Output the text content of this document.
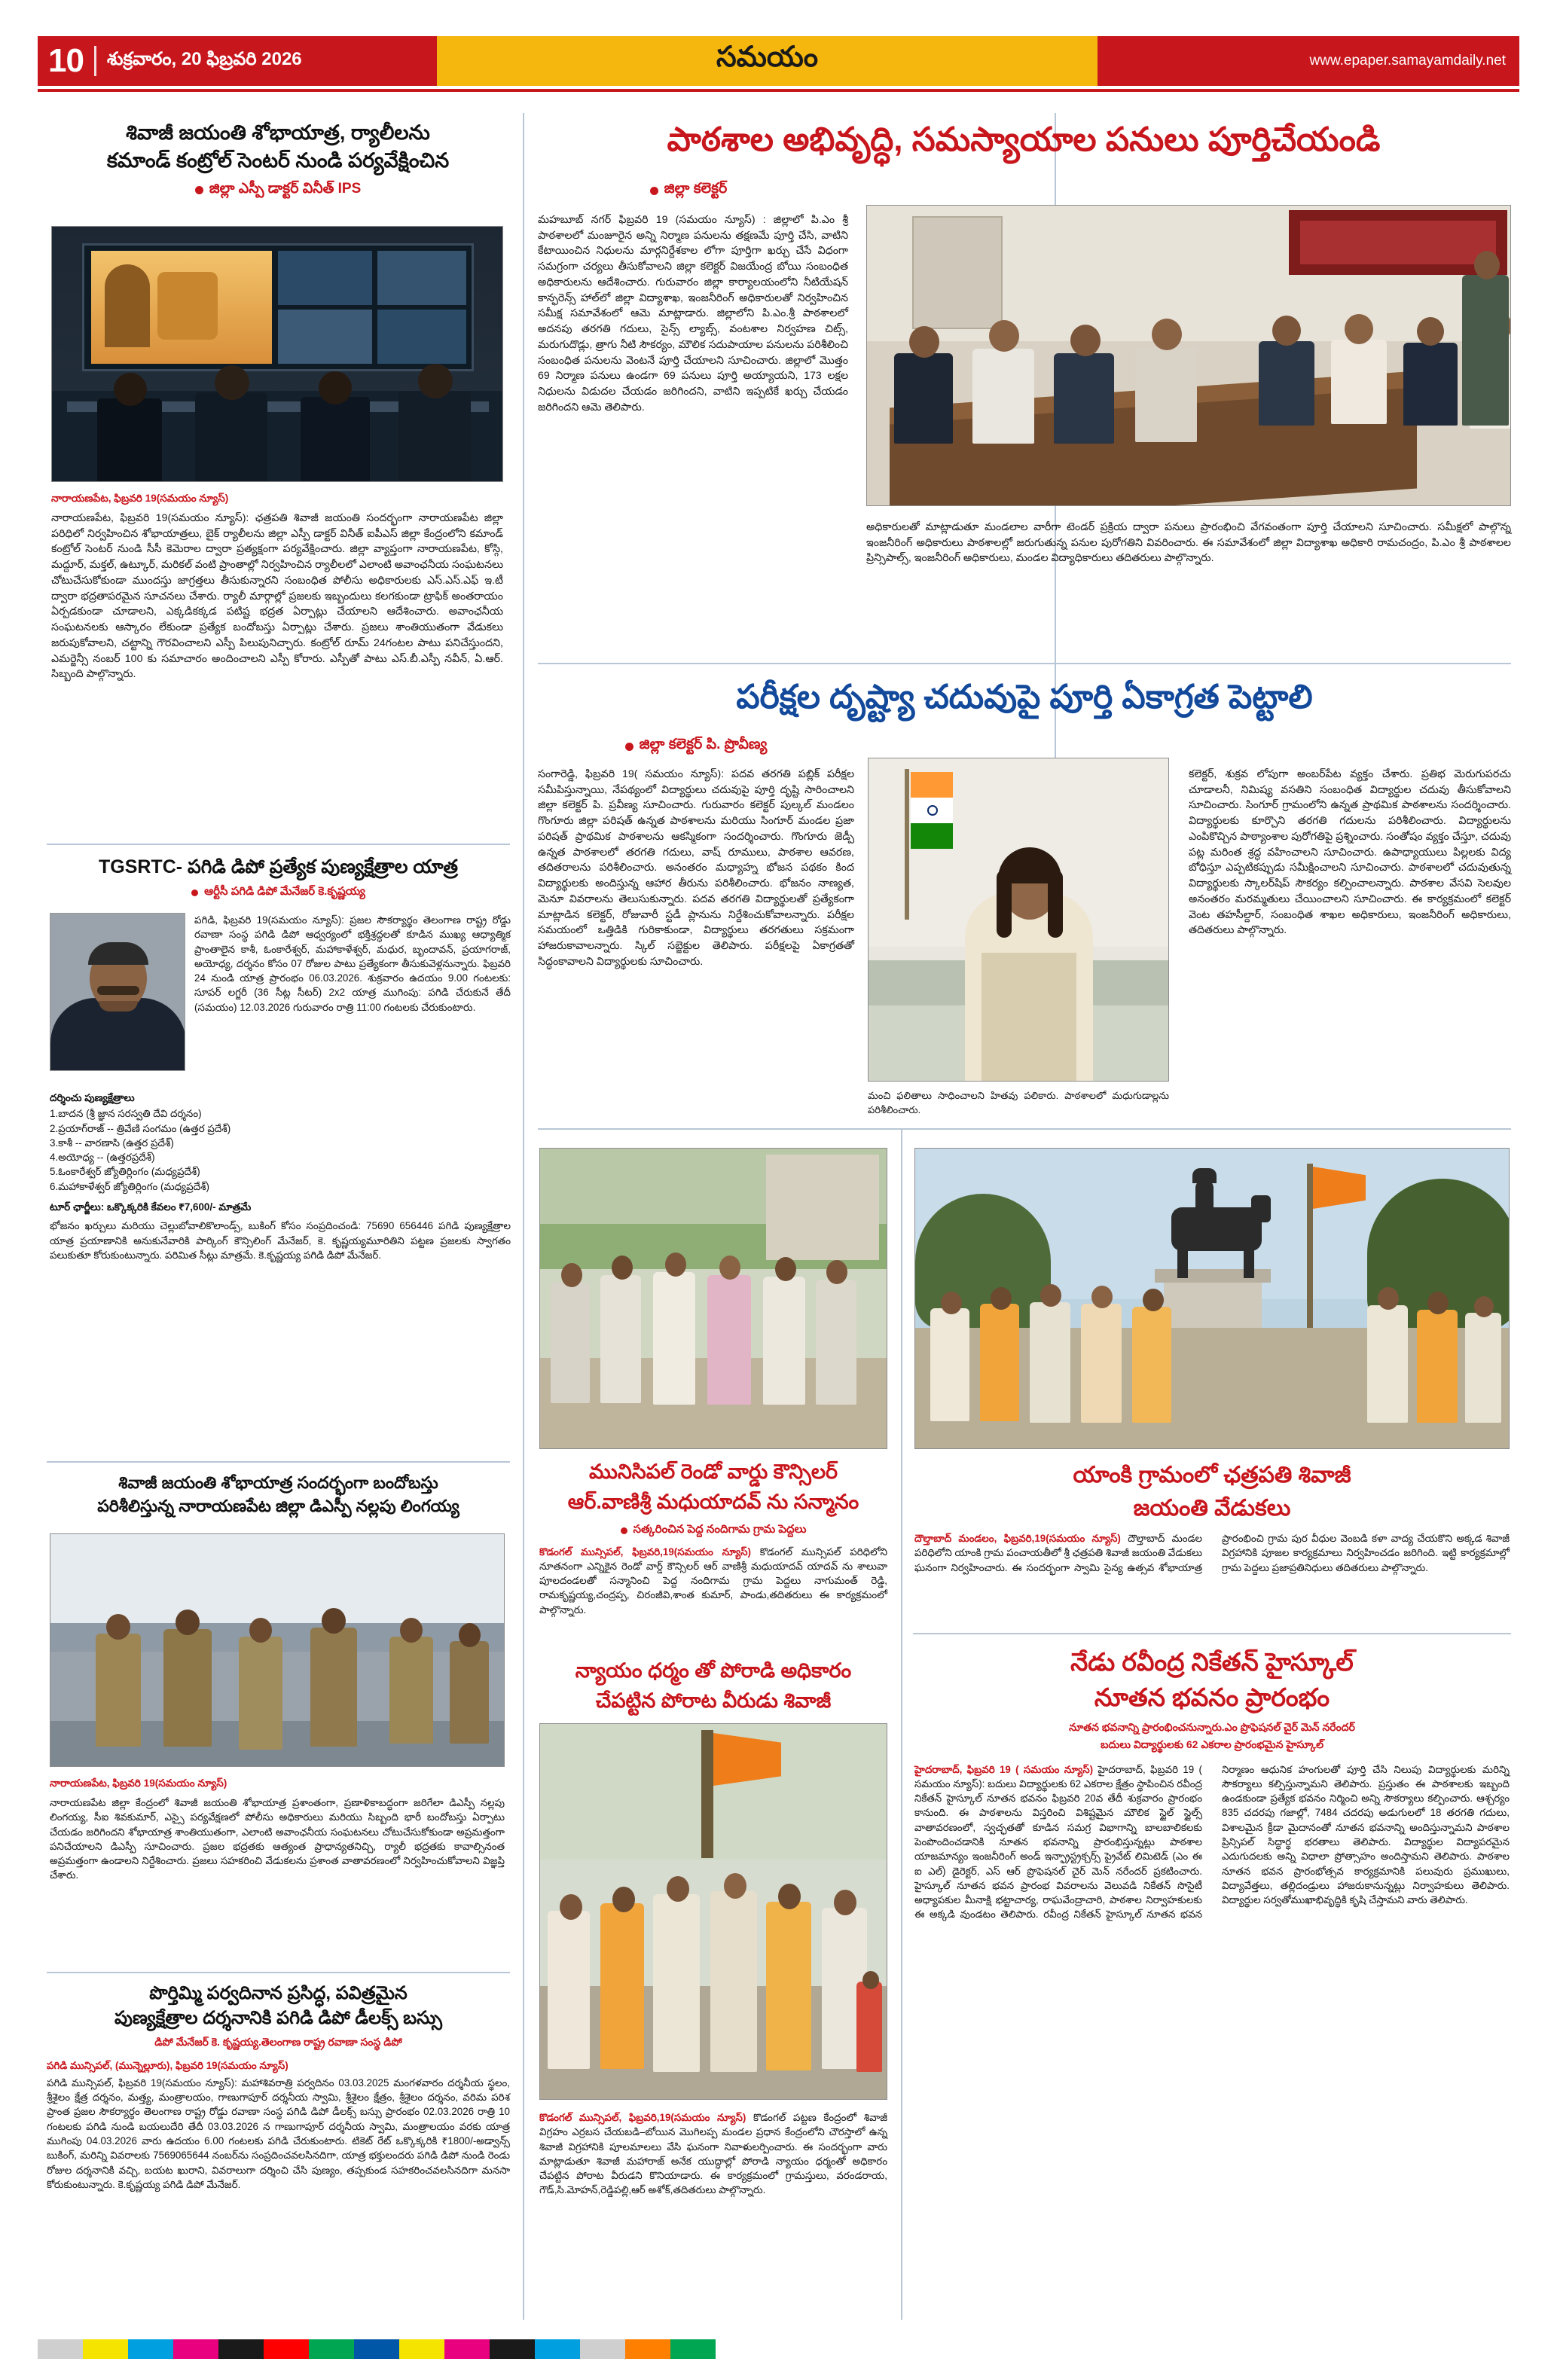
10 శుక్రవారం, 20 ఫిబ్రవరి 2026	సమయం	www.epaper.samayamdaily.net
శివాజీ జయంతి శోభాయాత్ర, ర్యాలీలను
కమాండ్ కంట్రోల్ సెంటర్ నుండి పర్యవేక్షించిన
జిల్లా ఎస్పీ డాక్టర్ వినీత్ IPS
నారాయణపేట, ఫిబ్రవరి 19(సమయం న్యూస్)
నారాయణపేట, ఫిబ్రవరి 19(సమయం న్యూస్): ఛత్రపతి శివాజీ జయంతి సందర్భంగా నారాయణపేట జిల్లా పరిధిలో నిర్వహించిన శోభాయాత్రలు, బైక్ ర్యాలీలను జిల్లా ఎస్పీ డాక్టర్ వినీత్ ఐపీఎస్ జిల్లా కేంద్రంలోని కమాండ్ కంట్రోల్ సెంటర్ నుండి సీసీ కెమెరాల ద్వారా ప్రత్యక్షంగా పర్యవేక్షించారు. జిల్లా వ్యాప్తంగా నారాయణపేట, కోస్గి, మద్దూర్, మక్తల్, ఉట్కూర్, మరికల్ వంటి ప్రాంతాల్లో నిర్వహించిన ర్యాలీలలో ఎలాంటి అవాంఛనీయ సంఘటనలు చోటుచేసుకోకుండా ముందస్తు జాగ్రత్తలు తీసుకున్నారని సంబంధిత పోలీసు అధికారులకు ఎస్.ఎస్.ఎఫ్ ఇ.టీ ద్వారా భద్రతాపరమైన సూచనలు చేశారు. ర్యాలీ మార్గాల్లో ప్రజలకు ఇబ్బందులు కలగకుండా ట్రాఫిక్ అంతరాయం ఏర్పడకుండా చూడాలని, ఎక్కడికక్కడ పటిష్ట భద్రత ఏర్పాట్లు చేయాలని ఆదేశించారు. అవాంఛనీయ సంఘటనలకు ఆస్కారం లేకుండా ప్రత్యేక బందోబస్తు ఏర్పాట్లు చేశారు. ప్రజలు శాంతియుతంగా వేడుకలు జరుపుకోవాలని, చట్టాన్ని గౌరవించాలని ఎస్పీ పిలుపునిచ్చారు. కంట్రోల్ రూమ్ 24గంటల పాటు పనిచేస్తుందని, ఎమర్జెన్సీ నంబర్ 100 కు సమాచారం అందించాలని ఎస్పీ కోరారు. ఎస్పీతో పాటు ఎస్.బీ.ఎస్పీ నవీన్, ఏ.ఆర్. సిబ్బంది పాల్గొన్నారు.
TGSRTC- పగిడి డిపో ప్రత్యేక పుణ్యక్షేత్రాల యాత్ర
ఆర్టీసీ పగిడి డిపో మేనేజర్ కె.కృష్ణయ్య
పగిడి, ఫిబ్రవరి 19(సమయం న్యూస్): ప్రజల సౌకర్యార్థం తెలంగాణ రాష్ట్ర రోడ్డు రవాణా సంస్థ పగిడి డిపో ఆధ్వర్యంలో భక్తిశ్రద్ధలతో కూడిన ముఖ్య ఆధ్యాత్మిక ప్రాంతాలైన కాశీ, ఓంకారేశ్వర్, మహాకాళేశ్వర్, మధుర, బృందావన్, ప్రయాగరాజ్, అయోధ్య, దర్శనం కోసం 07 రోజుల పాటు ప్రత్యేకంగా తీసుకువెళ్లనున్నారు. ఫిబ్రవరి 24 నుండి యాత్ర ప్రారంభం 06.03.2026. శుక్రవారం ఉదయం 9.00 గంటలకు: సూపర్ లగ్జరీ (36 సీట్ల సీటర్) 2x2 యాత్ర ముగింపు: పగిడి చేరుకునే తేదీ (సమయం) 12.03.2026 గురువారం రాత్రి 11:00 గంటలకు చేరుకుంటారు.
దర్శించు పుణ్యక్షేత్రాలు
1.బాదన (శ్రీ జ్ఞాన సరస్వతి దేవి దర్శనం)
2.ప్రయాగ్‌రాజ్ -- త్రివేణి సంగమం (ఉత్తర ప్రదేశ్)
3.కాశీ -- వారణాసి (ఉత్తర ప్రదేశ్)
4.అయోధ్య -- (ఉత్తరప్రదేశ్)
5.ఓంకారేశ్వర్ జ్యోతిర్లింగం (మధ్యప్రదేశ్)
6.మహాకాళేశ్వర్ జ్యోతిర్లింగం (మధ్యప్రదేశ్)
టూర్ ఛార్జీలు: ఒక్కొక్కరికి కేవలం ₹7,600/- మాత్రమే
భోజనం ఖర్చులు మరియు చెల్లుబోవాలికొలాండ్స్, బుకింగ్ కోసం సంప్రదించండి: 75690 656446 పగిడి పుణ్యక్షేత్రాల యాత్ర ప్రయాణానికి అనుకునేవారికి పార్కింగ్ కౌన్సిలింగ్ మేనేజర్, కె. కృష్ణయ్యమూరితిని పట్టణ ప్రజలకు స్వాగతం పలుకుతూ కోరుకుంటున్నారు. పరిమిత సీట్లు మాత్రమే. కె.కృష్ణయ్య పగిడి డిపో మేనేజర్.
శివాజీ జయంతి శోభాయాత్ర సందర్భంగా బందోబస్తు
పరిశీలిస్తున్న నారాయణపేట జిల్లా డిఎస్పీ నల్లపు లింగయ్య
నారాయణపేట, ఫిబ్రవరి 19(సమయం న్యూస్)
నారాయణపేట జిల్లా కేంద్రంలో శివాజీ జయంతి శోభాయాత్ర ప్రశాంతంగా, ప్రణాళికాబద్ధంగా జరిగేలా డిఎస్పీ నల్లపు లింగయ్య, సీఐ శివకుమార్, ఎస్సై పర్యవేక్షణలో పోలీసు అధికారులు మరియు సిబ్బంది భారీ బందోబస్తు ఏర్పాటు చేయడం జరిగిందని శోభాయాత్ర శాంతియుతంగా, ఎలాంటి అవాంఛనీయ సంఘటనలు చోటుచేసుకోకుండా అప్రమత్తంగా పనిచేయాలని డిఎస్పీ సూచించారు. ప్రజల భద్రతకు ఆత్యంత ప్రాధాన్యతనిచ్చి, ర్యాలీ భద్రతకు కావాల్సినంత అప్రమత్తంగా ఉండాలని నిర్దేశించారు. ప్రజలు సహకరించి వేడుకలను ప్రశాంత వాతావరణంలో నిర్వహించుకోవాలని విజ్ఞప్తి చేశారు.
పొర్తిమ్మి పర్వదినాన ప్రసిద్ధ, పవిత్రమైన
పుణ్యక్షేత్రాల దర్శనానికి పగిడి డిపో డీలక్స్ బస్సు
డిపో మేనేజర్ కె. కృష్ణయ్య.తెలంగాణ రాష్ట్ర రవాణా సంస్థ డిపో
పగిడి మున్సిపల్, (మున్నెల్లూరు), ఫిబ్రవరి 19(సమయం న్యూస్)
పగిడి మున్సిపల్, ఫిబ్రవరి 19(సమయం న్యూస్): మహాశివరాత్రి పర్వదినం 03.03.2025 మంగళవారం దర్శనీయ స్థలం, శ్రీశైలం క్షేత్ర దర్శనం, మత్త్య, మంత్రాలయం, గాణుగాపూర్ దర్శనీయ స్వామి, శ్రీశైలం క్షేత్రం, శ్రీశైలం దర్శనం, వరిమ పరిశ ప్రాంత ప్రజల సౌకర్యార్థం తెలంగాణ రాష్ట్ర రోడ్డు రవాణా సంస్థ పగిడి డిపో డీలక్స్ బస్సు ప్రారంభం 02.03.2026 రాత్రి 10 గంటలకు పగిడి నుండి బయలుదేరి తేదీ 03.03.2026 న గాణుగాపూర్ దర్శనీయ స్వామి, మంత్రాలయం వరకు యాత్ర ముగింపు 04.03.2026 వారు ఉదయం 6.00 గంటలకు పగిడి చేరుకుంటారు. టికెట్ రేట్ ఒక్కొక్కరికి ₹1800/-అడ్వాన్స్ బుకింగ్, మరిన్ని వివరాలకు 7569065644 నంబర్‌ను సంప్రదించవలసినదిగా, యాత్ర భక్తులందరు పగిడి డిపో నుండి రెండు రోజుల దర్శనానికి వచ్చి, బయట ఖురాని, వివరాలుగా దర్శించి చేసి పుణ్యం, తప్పకుండ సహకరించవలసినదిగా మనసా కోరుకుంటున్నారు. కె.కృష్ణయ్య పగిడి డిపో మేనేజర్.
పాఠశాల అభివృద్ధి, సమస్యాయాల పనులు పూర్తిచేయండి
జిల్లా కలెక్టర్
మహబూబ్ నగర్ ఫిబ్రవరి 19 (సమయం న్యూస్) : జిల్లాలో పి.ఎం శ్రీ పాఠశాలలో మంజూరైన అన్ని నిర్మాణ పనులను తక్షణమే పూర్తి చేసి, వాటిని కేటాయించిన నిధులను మార్గనిర్దేశకాల లోగా పూర్తిగా ఖర్చు చేసే విధంగా సమగ్రంగా చర్యలు తీసుకోవాలని జిల్లా కలెక్టర్ విజయేంద్ర బోయి సంబంధిత అధికారులను ఆదేశించారు. గురువారం జిల్లా కార్యాలయంలోని నీటియేషన్ కాన్ఫరెన్స్ హాల్‌లో జిల్లా విద్యాశాఖ, ఇంజనీరింగ్ అధికారులతో నిర్వహించిన సమీక్ష సమావేశంలో ఆమె మాట్లాడారు. జిల్లాలోని పి.ఎం.శ్రీ పాఠశాలలో అదనపు తరగతి గదులు, సైన్స్ ల్యాబ్స్, వంటశాల నిర్వహణ చిట్స్, మరుగుదొడ్లు, త్రాగు నీటి సౌకర్యం, మౌలిక సదుపాయాల పనులను పరిశీలించి సంబంధిత పనులను వెంటనే పూర్తి చేయాలని సూచించారు. జిల్లాలో మొత్తం 69 నిర్మాణ పనులు ఉండగా 69 పనులు పూర్తి అయ్యాయని, 173 లక్షల నిధులను విడుదల చేయడం జరిగిందని, వాటిని ఇప్పటికే ఖర్చు చేయడం జరిగిందని ఆమె తెలిపారు.
అధికారులతో మాట్లాడుతూ మండలాల వారీగా టెండర్ ప్రక్రియ ద్వారా పనులు ప్రారంభించి వేగవంతంగా పూర్తి చేయాలని సూచించారు. సమీక్షలో పాల్గొన్న ఇంజనీరింగ్ అధికారులు పాఠశాలల్లో జరుగుతున్న పనుల పురోగతిని వివరించారు. ఈ సమావేశంలో జిల్లా విద్యాశాఖ అధికారి రామచంద్రం, పి.ఎం శ్రీ పాఠశాలల ప్రిన్సిపాల్స్, ఇంజనీరింగ్ అధికారులు, మండల విద్యాధికారులు తదితరులు పాల్గొన్నారు.
పరీక్షల దృష్ట్యా చదువుపై పూర్తి ఏకాగ్రత పెట్టాలి
జిల్లా కలెక్టర్ పి. ప్రొవీణ్య
సంగారెడ్డి, ఫిబ్రవరి 19( సమయం న్యూస్): పదవ తరగతి పబ్లిక్ పరీక్షల సమీపిస్తున్నాయి, నేపథ్యంలో విద్యార్థులు చదువుపై పూర్తి దృష్టి సారించాలని జిల్లా కలెక్టర్ పి. ప్రవీణ్య సూచించారు. గురువారం కలెక్టర్ పుల్కల్ మండలం గొంగూరు జిల్లా పరిషత్ ఉన్నత పాఠశాలను మరియు సింగూర్ మండల ప్రజా పరిషత్ ప్రాథమిక పాఠశాలను ఆకస్మికంగా సందర్శించారు. గొంగూరు జెడ్పీ ఉన్నత పాఠశాలలో తరగతి గదులు, వాష్ రూములు, పాఠశాల ఆవరణ, తదితరాలను పరిశీలించారు. అనంతరం మధ్యాహ్న భోజన పథకం కింద విద్యార్థులకు అందిస్తున్న ఆహార తీరును పరిశీలించారు. భోజనం నాణ్యత, మెనూ వివరాలను తెలుసుకున్నారు. పదవ తరగతి విద్యార్థులతో ప్రత్యేకంగా మాట్లాడిన కలెక్టర్, రోజువారీ స్టడీ ప్లానును నిర్దేశించుకోవాలన్నారు. పరీక్షల సమయంలో ఒత్తిడికి గురికాకుండా, విద్యార్థులు తరగతులు సక్రమంగా హాజరుకావాలన్నారు. స్కిల్ సబ్జెక్టుల తెలిపారు. పరీక్షలపై ఏకాగ్రతతో సిద్ధంకావాలని విద్యార్థులకు సూచించారు.
మంచి ఫలితాలు సాధించాలని హితవు పలికారు. పాఠశాలలో మధుగుడాల్లను పరిశీలించారు.
కలెక్టర్, శుక్రవ లోపుగా అంబర్‌పేట వ్యక్తం చేశారు. ప్రతిభ మెరుగుపరచు చూడాలనీ, నిమిష్య వసతిని సంబంధిత విద్యార్థుల చదువు తీసుకోవాలని సూచించారు. సింగూర్ గ్రామంలోని ఉన్నత ప్రాథమిక పాఠశాలను సందర్శించారు. విద్యార్థులకు కూర్చొని తరగతి గదులను పరిశీలించారు. విద్యార్థులను ఎంపికొచ్చిన పాఠ్యాంశాల పురోగతిపై ప్రశ్నించారు. సంతోషం వ్యక్తం చేస్తూ, చదువు పట్ల మరింత శ్రద్ధ వహించాలని సూచించారు. ఉపాధ్యాయులు పిల్లలకు విద్య బోధిస్తూ ఎప్పటికప్పుడు సమీక్షించాలని సూచించారు. పాఠశాలలో చదువుతున్న విద్యార్థులకు స్కాలర్‌షిప్ సౌకర్యం కల్పించాలన్నారు. పాఠశాల వేసవి సెలవుల అనంతరం మరమ్మతులు చేయించాలని సూచించారు. ఈ కార్యక్రమంలో కలెక్టర్ వెంట తహసీల్దార్, సంబంధిత శాఖల అధికారులు, ఇంజనీరింగ్ అధికారులు, తదితరులు పాల్గొన్నారు.
మునిసిపల్ రెండో వార్డు కౌన్సిలర్
ఆర్.వాణిశ్రీ మధుయాదవ్ ను సన్మానం
సత్కరించిన పెద్ద నందిగామ గ్రామ పెద్దలు
కొడంగల్ మున్సిపల్, ఫిబ్రవరి,19(సమయం న్యూస్) కొడంగల్ మున్సిపల్ పరిధిలోని నూతనంగా ఎన్నికైన రెండో వార్డ్ కౌన్సిలర్ ఆర్ వాణిశ్రీ మధుయాదవ్ యాదవ్ ను శాలువా పూలదండలతో సన్మానించి పెద్ద నందిగామ గ్రామ పెద్దలు నాగుమంత్ రెడ్డి, రామకృష్ణయ్య,చంద్రప్ప, చిరంజీవి,శాంత కుమార్, పాండు,తదితరులు ఈ కార్యక్రమంలో పాల్గొన్నారు.
న్యాయం ధర్మం తో పోరాడి అధికారం
చేపట్టిన పోరాట వీరుడు శివాజీ
కొడంగల్ మున్సిపల్, ఫిబ్రవరి,19(సమయం న్యూస్) కొడంగల్ పట్టణ కేంద్రంలో శివాజీ విగ్రహం ఎర్రబస చేయబడి–బోయిన మొగిలప్ప మండల ప్రధాన కేంద్రంలోని చౌరస్తాలో ఉన్న శివాజీ విగ్రహానికి పూలమాలలు వేసి ఘనంగా నివాళులర్పించారు. ఈ సందర్భంగా వారు మాట్లాడుతూ శివాజీ మహారాజ్ అనేక యుద్ధాల్లో పోరాడి న్యాయం ధర్మంతో అధికారం చేపట్టిన పోరాట వీరుడని కొనియాడారు. ఈ కార్యక్రమంలో గ్రామస్తులు, వరండరాయ, గౌడ్,సి.మోహన్,రెడ్డిపల్లి,ఆర్ అశోక్,తదితరులు పాల్గొన్నారు.
యాంకి గ్రామంలో ఛత్రపతి శివాజీ
జయంతి వేడుకలు
దౌల్తాబాద్ మండలం, ఫిబ్రవరి,19(సమయం న్యూస్) దౌల్తాబాద్ మండల పరిధిలోని యాంకి గ్రామ పంచాయతీలో శ్రీ ఛత్రపతి శివాజీ జయంతి వేడుకలు ఘనంగా నిర్వహించారు. ఈ సందర్భంగా స్వామి సైన్య ఉత్సవ శోభాయాత్ర ప్రారంభించి గ్రామ పుర వీధుల వెంబడి కళా వాద్య చేయకొని అక్కడ శివాజీ విగ్రహానికి పూజల కార్యక్రమాలు నిర్వహించడం జరిగింది. ఇట్టి కార్యక్రమాల్లో గ్రామ పెద్దలు ప్రజాప్రతినిధులు తదితరులు పాల్గొన్నారు.
నేడు రవీంద్ర నికేతన్ హైస్కూల్
నూతన భవనం ప్రారంభం
నూతన భవనాన్ని ప్రారంభించనున్నారు.ఎం ప్రొఫెషనల్ చైర్ మెన్ నరేందర్
బదులు విద్యార్థులకు 62 ఎకరాల ప్రారంభమైన హైస్కూల్
హైదరాబాద్, ఫిబ్రవరి 19 ( సమయం న్యూస్) హైదరాబాద్, ఫిబ్రవరి 19 ( సమయం న్యూస్): బదులు విద్యార్థులకు 62 ఎకరాల క్షేత్రం స్థాపించిన రవీంద్ర నికేతన్ హైస్కూల్ నూతన భవనం ఫిబ్రవరి 20వ తేదీ శుక్రవారం ప్రారంభం కానుంది. ఈ పాఠశాలను విస్తరించి విశిష్టమైన మౌలిక స్టైల్ స్టైల్స్ వాతావరణంలో, స్వచ్ఛతతో కూడిన సమగ్ర విభాగాన్ని బాలబాలికలకు పెంపొందించడానికి నూతన భవనాన్ని ప్రారంభిస్తున్నట్లు పాఠశాల యాజమాన్యం ఇంజనీరింగ్ అండ్ ఇన్ఫ్రాస్ట్రక్చర్స్ ప్రైవేట్ లిమిటెడ్ (ఎం ఈ ఐ ఎల్) డైరెక్టర్, ఎస్ ఆర్ ప్రొఫెషనల్ చైర్ మెన్ నరేందర్ ప్రకటించారు. హైస్కూల్ నూతన భవన ప్రారంభ వివరాలను వెలువడి నికేతన్ సొసైటీ అధ్యాపకుల మీనాక్షి భట్టాచార్య, రాఘవేంద్రాచారి, పాఠశాల నిర్వాహకులకు ఈ అక్కడి వుండటం తెలిపారు. రవీంద్ర నికేతన్ హైస్కూల్ నూతన భవన నిర్మాణం ఆధునిక హంగులతో పూర్తి చేసి నిలుపు విద్యార్థులకు మరిన్ని సౌకర్యాలు కల్పిస్తున్నామని తెలిపారు. ప్రస్తుతం ఈ పాఠశాలకు ఇబ్బంది ఉండకుండా ప్రత్యేక భవనం నిర్మించి అన్ని సౌకర్యాలు కల్పించారు. ఆశ్చర్యం 835 చదరపు గజాల్లో, 7484 చదరపు అడుగులలో 18 తరగతి గదులు, విశాలమైన క్రీడా మైదానంతో నూతన భవనాన్ని అందిస్తున్నామని పాఠశాల ప్రిన్సిపల్ సిద్ధార్థ భరతాలు తెలిపారు. విద్యార్థుల విద్యాపరమైన ఎదుగుదలకు అన్ని విధాలా ప్రోత్సాహం అందిస్తామని తెలిపారు. పాఠశాల నూతన భవన ప్రారంభోత్సవ కార్యక్రమానికి పలువురు ప్రముఖులు, విద్యావేత్తలు, తల్లిదండ్రులు హాజరుకానున్నట్లు నిర్వాహకులు తెలిపారు. విద్యార్థుల సర్వతోముఖాభివృద్ధికి కృషి చేస్తామని వారు తెలిపారు.
